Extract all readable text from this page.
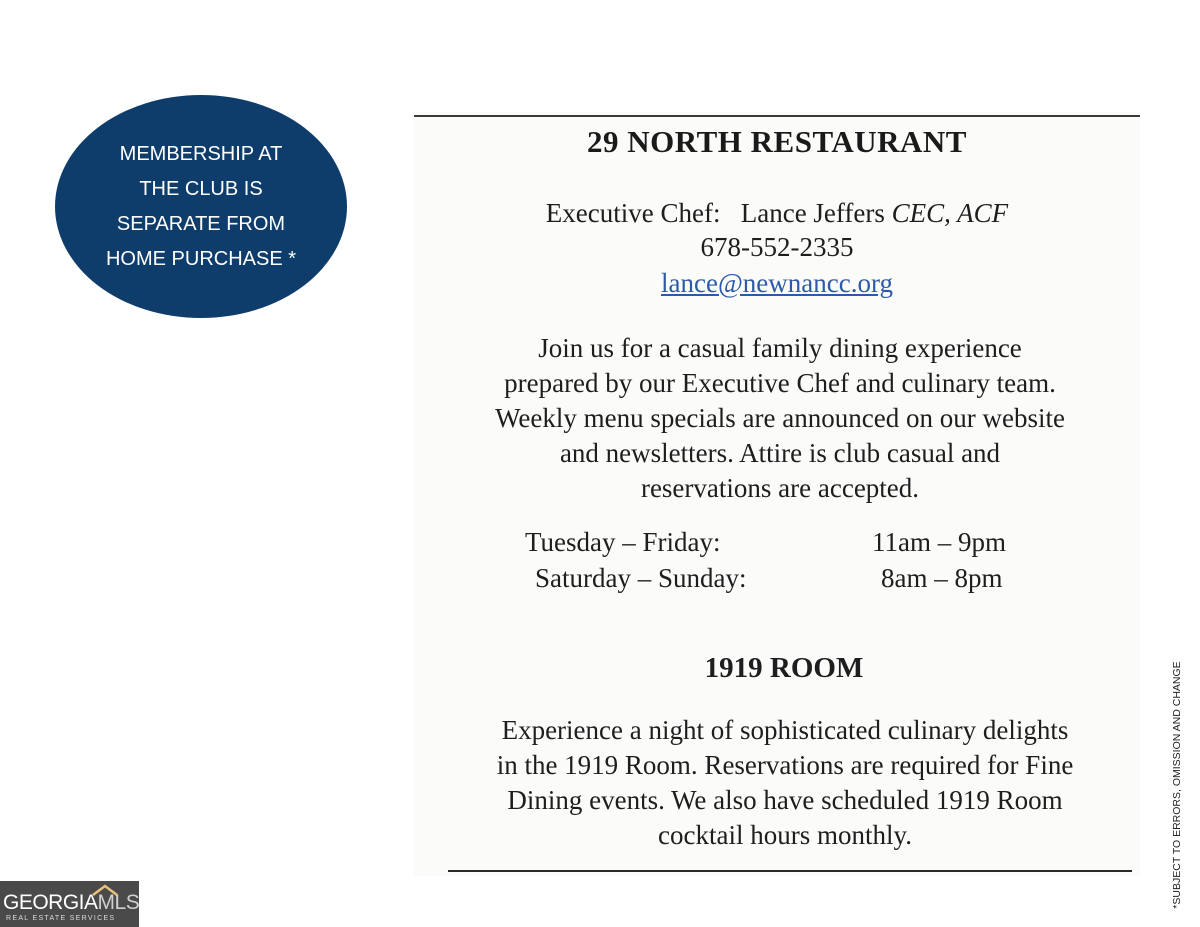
MEMBERSHIP AT
THE CLUB IS
SEPARATE FROM
HOME PURCHASE *
29 NORTH RESTAURANT
Executive Chef: Lance Jeffers CEC, ACF
678-552-2335
lance@newnancc.org
Join us for a casual family dining experience
prepared by our Executive Chef and culinary team.
Weekly menu specials are announced on our website
and newsletters. Attire is club casual and
reservations are accepted.
Tuesday – Friday:
Saturday – Sunday:
11am – 9pm
8am – 8pm
1919 ROOM
Experience a night of sophisticated culinary delights
in the 1919 Room. Reservations are required for Fine
Dining events. We also have scheduled 1919 Room
cocktail hours monthly.	*SUBJECT TO ERRORS, OMISSION AND CHANGE
GEORGIAMLS
REAL ESTATE SERVICES
